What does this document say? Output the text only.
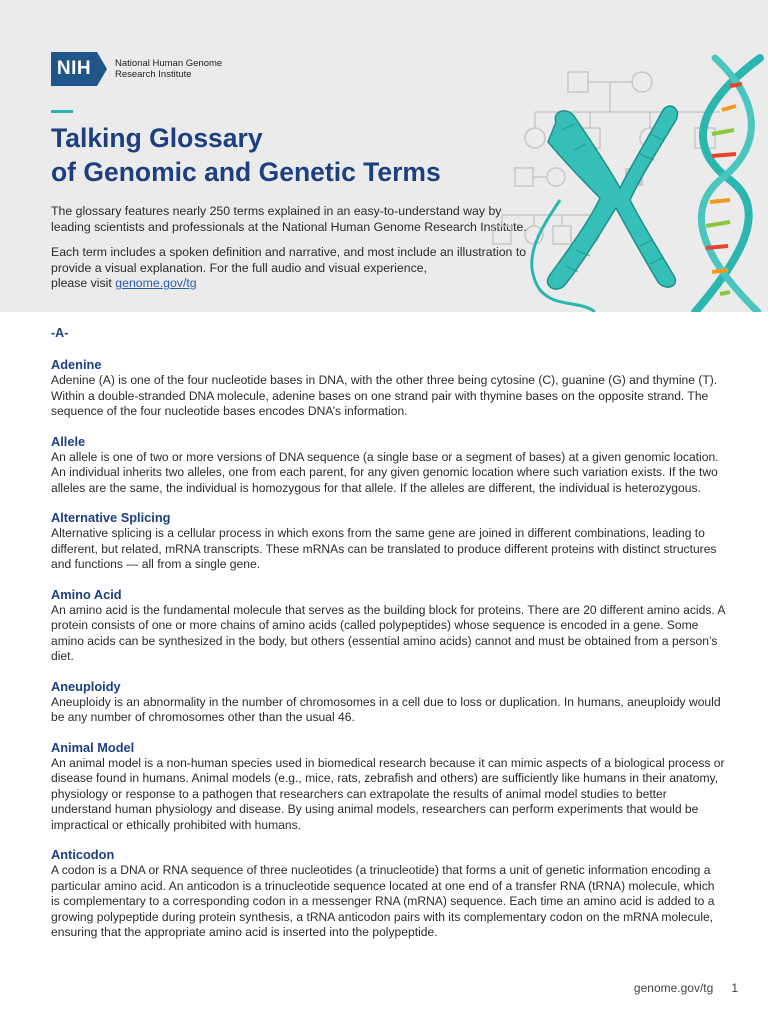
NIH	National Human Genome
Research Institute
Talking Glossary
of Genomic and Genetic Terms

The glossary features nearly 250 terms explained in an easy-to-understand way by leading scientists and professionals at the National Human Genome Research Institute.

Each term includes a spoken definition and narrative, and most include an illustration to provide a visual explanation. For the full audio and visual experience,
please visit genome.gov/tg

-A-
Adenine

Adenine (A) is one of the four nucleotide bases in DNA, with the other three being cytosine (C), guanine (G) and thymine (T). Within a double-stranded DNA molecule, adenine bases on one strand pair with thymine bases on the opposite strand. The sequence of the four nucleotide bases encodes DNA’s information.

Allele

An allele is one of two or more versions of DNA sequence (a single base or a segment of bases) at a given genomic location. An individual inherits two alleles, one from each parent, for any given genomic location where such variation exists. If the two alleles are the same, the individual is homozygous for that allele. If the alleles are different, the individual is heterozygous.

Alternative Splicing

Alternative splicing is a cellular process in which exons from the same gene are joined in different combinations, leading to different, but related, mRNA transcripts. These mRNAs can be translated to produce different proteins with distinct structures and functions — all from a single gene.

Amino Acid

An amino acid is the fundamental molecule that serves as the building block for proteins. There are 20 different amino acids. A protein consists of one or more chains of amino acids (called polypeptides) whose sequence is encoded in a gene. Some amino acids can be synthesized in the body, but others (essential amino acids) cannot and must be obtained from a person’s diet.

Aneuploidy

Aneuploidy is an abnormality in the number of chromosomes in a cell due to loss or duplication. In humans, aneuploidy would be any number of chromosomes other than the usual 46.

Animal Model

An animal model is a non-human species used in biomedical research because it can mimic aspects of a biological process or disease found in humans. Animal models (e.g., mice, rats, zebrafish and others) are sufficiently like humans in their anatomy, physiology or response to a pathogen that researchers can extrapolate the results of animal model studies to better understand human physiology and disease. By using animal models, researchers can perform experiments that would be impractical or ethically prohibited with humans.

Anticodon

A codon is a DNA or RNA sequence of three nucleotides (a trinucleotide) that forms a unit of genetic information encoding a particular amino acid. An anticodon is a trinucleotide sequence located at one end of a transfer RNA (tRNA) molecule, which is complementary to a corresponding codon in a messenger RNA (mRNA) sequence. Each time an amino acid is added to a growing polypeptide during protein synthesis, a tRNA anticodon pairs with its complementary codon on the mRNA molecule, ensuring that the appropriate amino acid is inserted into the polypeptide.

genome.gov/tg 1
